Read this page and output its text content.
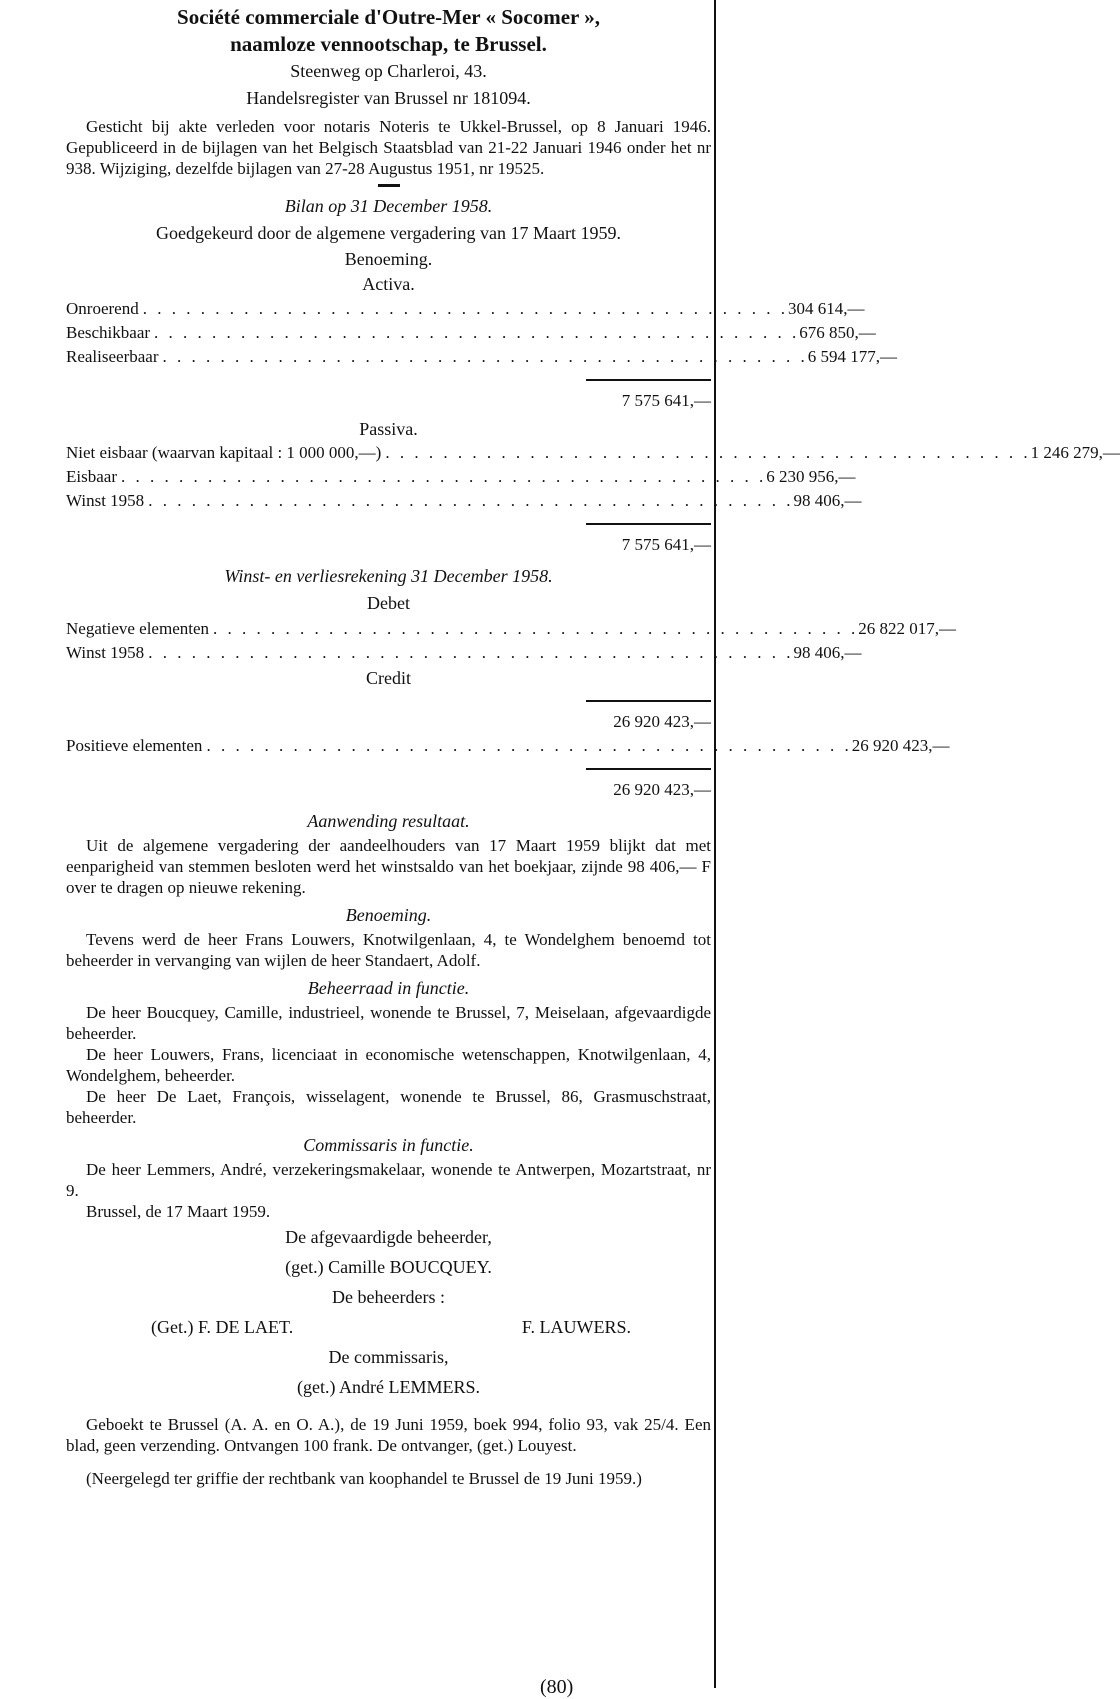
Société commerciale d'Outre-Mer « Socomer »,
naamloze vennootschap, te Brussel.
Steenweg op Charleroi, 43.
Handelsregister van Brussel nr 181094.

Gesticht bij akte verleden voor notaris Noteris te Ukkel-Brussel, op 8 Januari 1946. Gepubliceerd in de bijlagen van het Belgisch Staatsblad van 21-22 Januari 1946 onder het nr 938. Wijziging, dezelfde bijlagen van 27-28 Augustus 1951, nr 19525.

Bilan op 31 December 1958.
Goedgekeurd door de algemene vergadering van 17 Maart 1959.
Benoeming.
Activa.
Onroerend . . . . . . . . . . . . . . . . . . . . . . . . . . . . . . . . . . . . . . . . . . . . . 304 614,—
Beschikbaar . . . . . . . . . . . . . . . . . . . . . . . . . . . . . . . . . . . . . . . . . . . . . 676 850,—
Realiseerbaar . . . . . . . . . . . . . . . . . . . . . . . . . . . . . . . . . . . . . . . . . . . . . 6 594 177,—
7 575 641,—
Passiva.
Niet eisbaar (waarvan kapitaal : 1 000 000,—) . . . . . . . . . . . . . . . . . . . . . . . . . . . . . . . . . . . . . . . . . . . . . 1 246 279,—
Eisbaar . . . . . . . . . . . . . . . . . . . . . . . . . . . . . . . . . . . . . . . . . . . . . 6 230 956,—
Winst 1958 . . . . . . . . . . . . . . . . . . . . . . . . . . . . . . . . . . . . . . . . . . . . . 98 406,—
7 575 641,—
Winst- en verliesrekening 31 December 1958.
Debet
Negatieve elementen . . . . . . . . . . . . . . . . . . . . . . . . . . . . . . . . . . . . . . . . . . . . . 26 822 017,—
Winst 1958 . . . . . . . . . . . . . . . . . . . . . . . . . . . . . . . . . . . . . . . . . . . . . 98 406,—
Credit
26 920 423,—
Positieve elementen . . . . . . . . . . . . . . . . . . . . . . . . . . . . . . . . . . . . . . . . . . . . . 26 920 423,—
26 920 423,—
Aanwending resultaat.

Uit de algemene vergadering der aandeelhouders van 17 Maart 1959 blijkt dat met eenparigheid van stemmen besloten werd het winstsaldo van het boekjaar, zijnde 98 406,— F over te dragen op nieuwe rekening.

Benoeming.

Tevens werd de heer Frans Louwers, Knotwilgenlaan, 4, te Wondelghem benoemd tot beheerder in vervanging van wijlen de heer Standaert, Adolf.

Beheerraad in functie.

De heer Boucquey, Camille, industrieel, wonende te Brussel, 7, Meiselaan, afgevaardigde beheerder.

De heer Louwers, Frans, licenciaat in economische wetenschappen, Knotwilgenlaan, 4, Wondelghem, beheerder.

De heer De Laet, François, wisselagent, wonende te Brussel, 86, Grasmuschstraat, beheerder.

Commissaris in functie.

De heer Lemmers, André, verzekeringsmakelaar, wonende te Antwerpen, Mozartstraat, nr 9.

Brussel, de 17 Maart 1959.

De afgevaardigde beheerder,
(get.) Camille BOUCQUEY.
De beheerders :
(Get.) F. DE LAET.	F. LAUWERS.
De commissaris,
(get.) André LEMMERS.

Geboekt te Brussel (A. A. en O. A.), de 19 Juni 1959, boek 994, folio 93, vak 25/4. Een blad, geen verzending. Ontvangen 100 frank. De ontvanger, (get.) Louyest.

(Neergelegd ter griffie der rechtbank van koophandel te Brussel de 19 Juni 1959.)

(80)
